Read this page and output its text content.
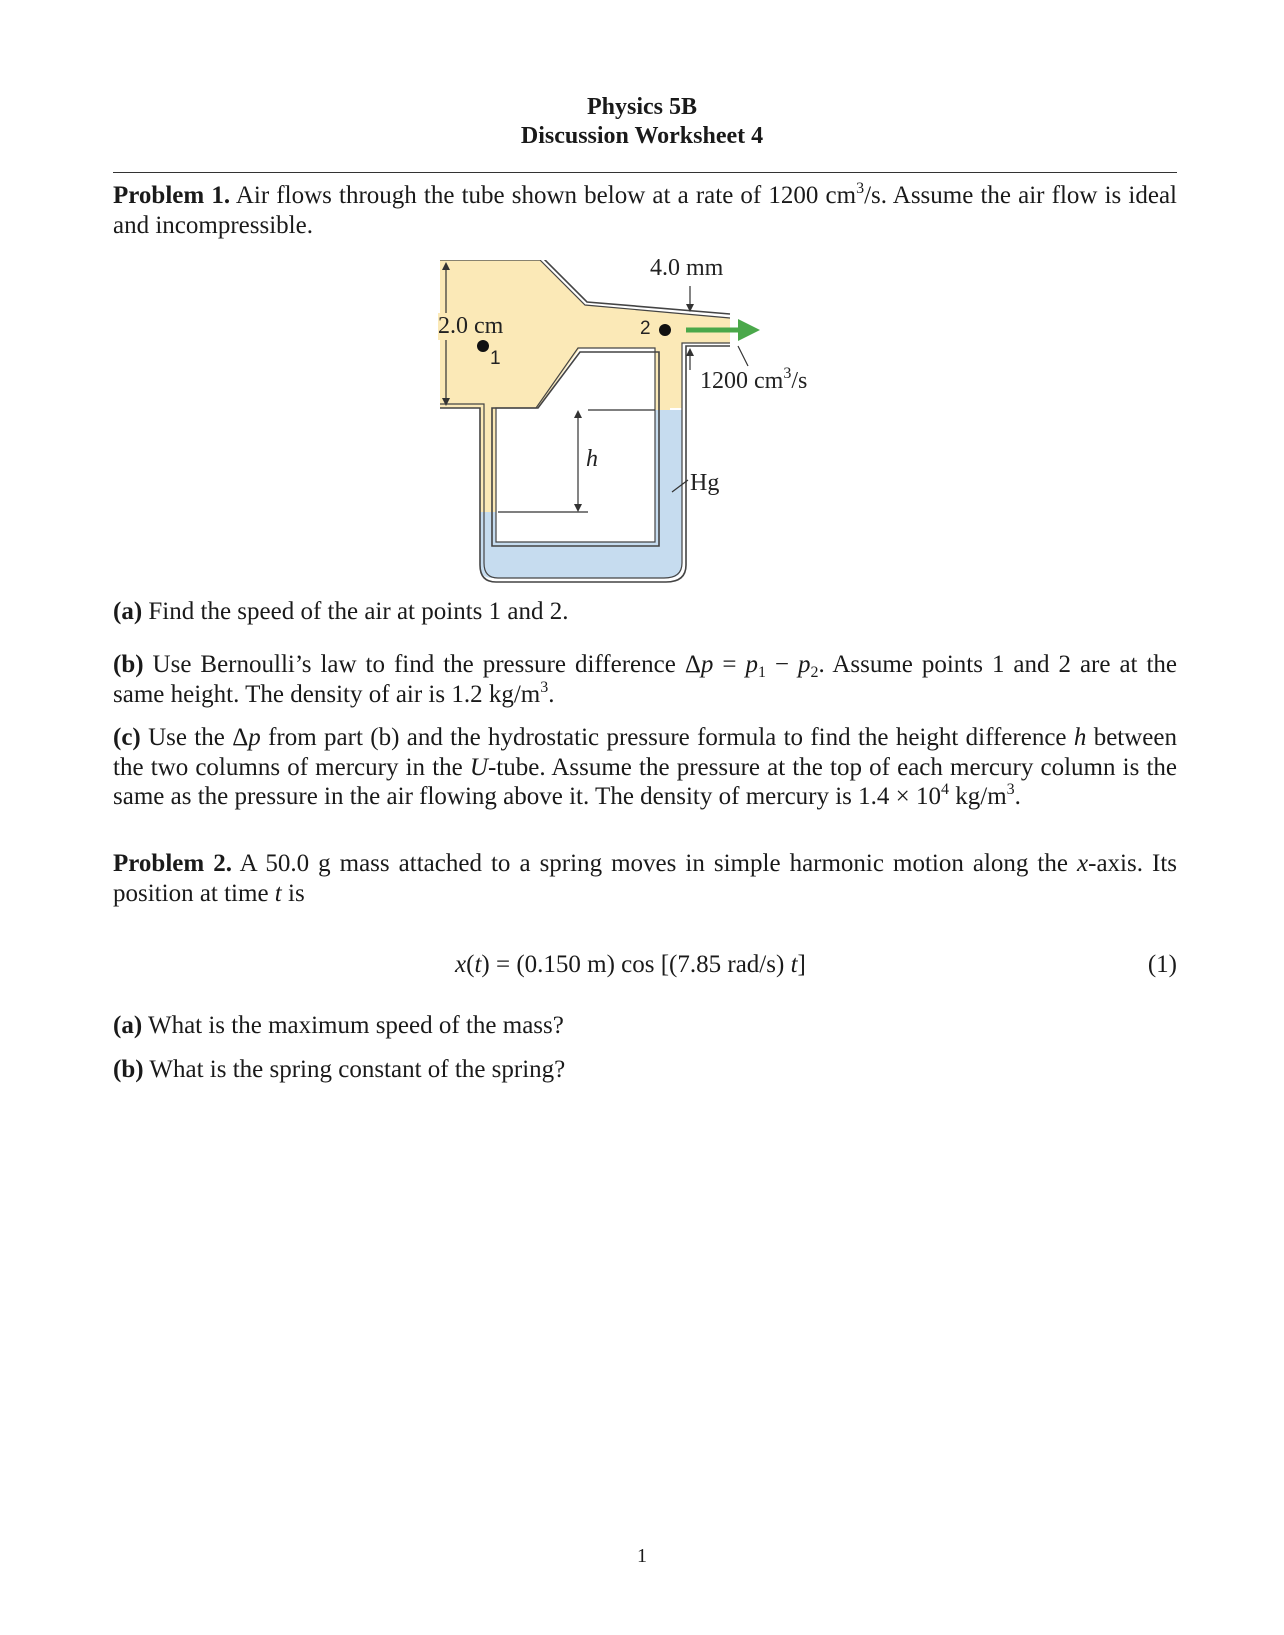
Physics 5B
Discussion Worksheet 4
Problem 1. Air flows through the tube shown below at a rate of 1200 $cm^3/s$. Assume the air flow is ideal and incompressible.
2.0 cm
1
2
4.0 mm
1200 $cm^3/s$
h
Hg
(a) Find the speed of the air at points 1 and 2.
(b) Use Bernoulli’s law to find the pressure difference $\Delta p = p_1 - p_2$. Assume points 1 and 2 are at the same height. The density of air is 1.2 $kg/m^3$.
(c) Use the Δp from part (b) and the hydrostatic pressure formula to find the height difference h between the two columns of mercury in the U-tube. Assume the pressure at the top of each mercury column is the same as the pressure in the air flowing above it. The density of mercury is $1.4 \times 10^4$ $kg/m^3$.
Problem 2. A 50.0 g mass attached to a spring moves in simple harmonic motion along the x-axis. Its position at time t is
x(t) = (0.150 m) cos [(7.85 rad/s) t]	(1)
(a) What is the maximum speed of the mass?
(b) What is the spring constant of the spring?
1
